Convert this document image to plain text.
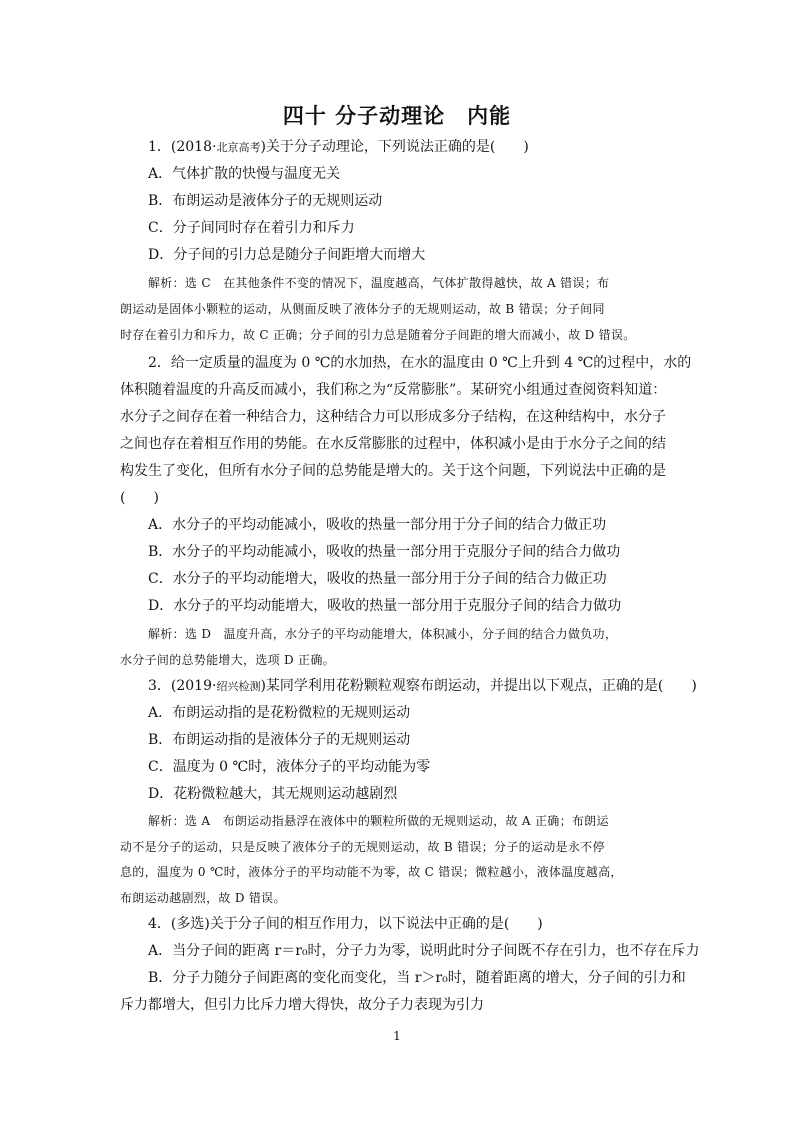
四十 分子动理论　内能
1．(2018·北京高考)关于分子动理论，下列说法正确的是(　　)
A．气体扩散的快慢与温度无关
B．布朗运动是液体分子的无规则运动
C．分子间同时存在着引力和斥力
D．分子间的引力总是随分子间距增大而增大
解析：选 C　在其他条件不变的情况下，温度越高，气体扩散得越快，故 A 错误；布
朗运动是固体小颗粒的运动，从侧面反映了液体分子的无规则运动，故 B 错误；分子间同
时存在着引力和斥力，故 C 正确；分子间的引力总是随着分子间距的增大而减小，故 D 错误。
2．给一定质量的温度为 0 ℃的水加热，在水的温度由 0 ℃上升到 4 ℃的过程中，水的
体积随着温度的升高反而减小，我们称之为“反常膨胀”。某研究小组通过查阅资料知道：
水分子之间存在着一种结合力，这种结合力可以形成多分子结构，在这种结构中，水分子
之间也存在着相互作用的势能。在水反常膨胀的过程中，体积减小是由于水分子之间的结
构发生了变化，但所有水分子间的总势能是增大的。关于这个问题，下列说法中正确的是
(　　)
A．水分子的平均动能减小，吸收的热量一部分用于分子间的结合力做正功
B．水分子的平均动能减小，吸收的热量一部分用于克服分子间的结合力做功
C．水分子的平均动能增大，吸收的热量一部分用于分子间的结合力做正功
D．水分子的平均动能增大，吸收的热量一部分用于克服分子间的结合力做功
解析：选 D　温度升高，水分子的平均动能增大，体积减小，分子间的结合力做负功，
水分子间的总势能增大，选项 D 正确。
3．(2019·绍兴检测)某同学利用花粉颗粒观察布朗运动，并提出以下观点，正确的是(　　)
A．布朗运动指的是花粉微粒的无规则运动
B．布朗运动指的是液体分子的无规则运动
C．温度为 0 ℃时，液体分子的平均动能为零
D．花粉微粒越大，其无规则运动越剧烈
解析：选 A　布朗运动指悬浮在液体中的颗粒所做的无规则运动，故 A 正确；布朗运
动不是分子的运动，只是反映了液体分子的无规则运动，故 B 错误；分子的运动是永不停
息的，温度为 0 ℃时，液体分子的平均动能不为零，故 C 错误；微粒越小，液体温度越高，
布朗运动越剧烈，故 D 错误。
4．(多选)关于分子间的相互作用力，以下说法中正确的是(　　)
A．当分子间的距离 r＝r₀时，分子力为零，说明此时分子间既不存在引力，也不存在斥力
B．分子力随分子间距离的变化而变化，当 r＞r₀时，随着距离的增大，分子间的引力和
斥力都增大，但引力比斥力增大得快，故分子力表现为引力
1
